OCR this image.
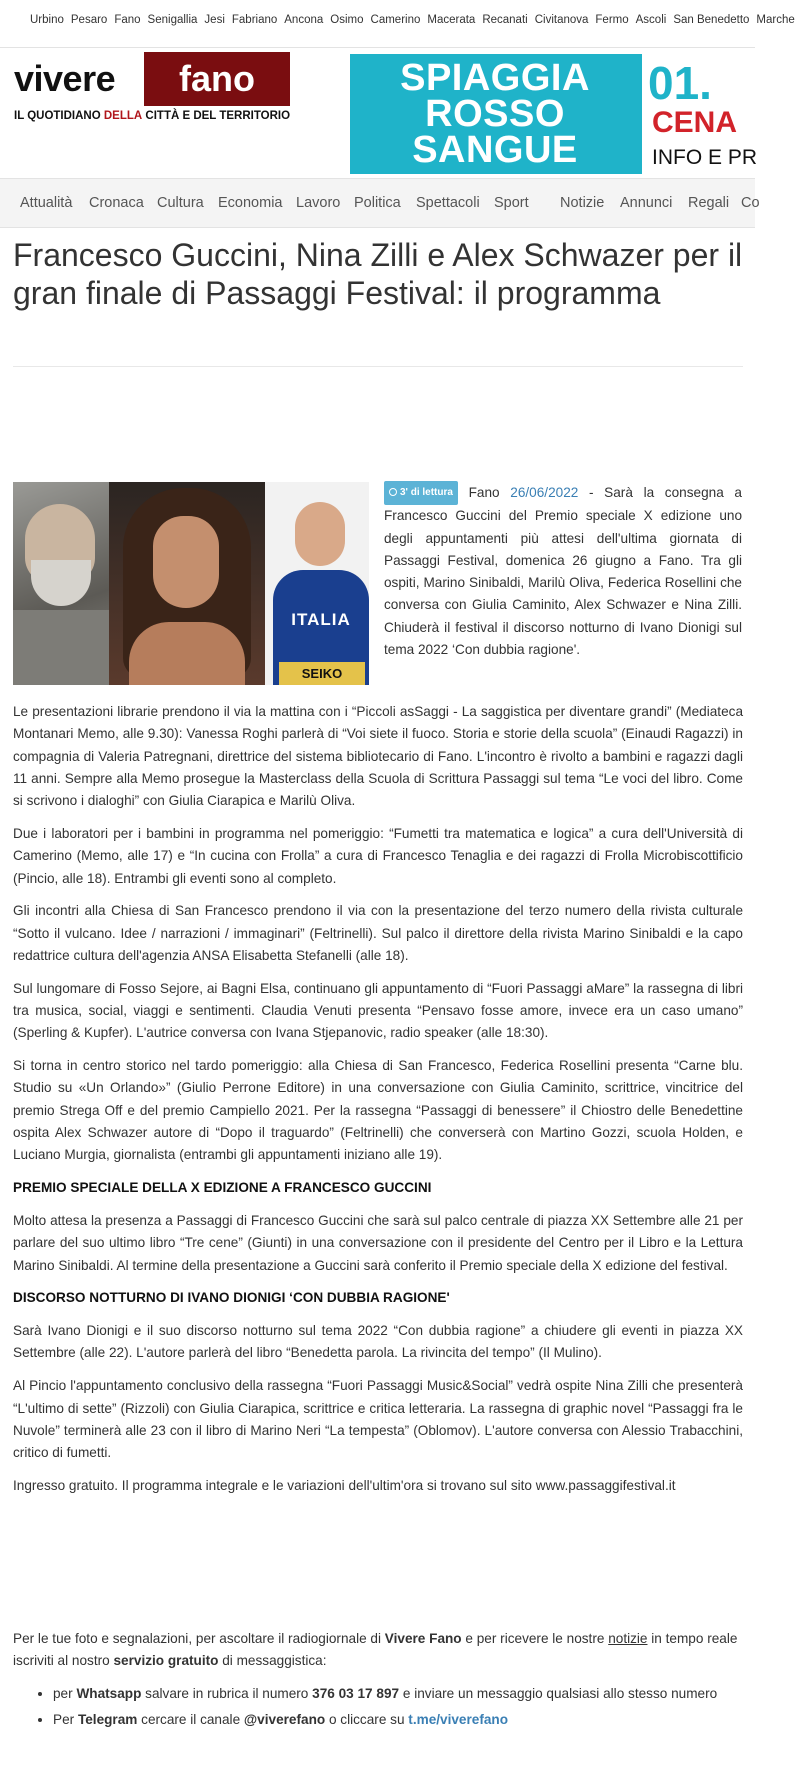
Urbino Pesaro Fano Senigallia Jesi Fabriano Ancona Osimo Camerino Macerata Recanati Civitanova Fermo Ascoli San Benedetto Marche
vivere	fano
IL QUOTIDIANO DELLA CITTÀ E DEL TERRITORIO
SPIAGGIA
ROSSO
SANGUE
01.
CENA
INFO E PR
Attualità Cronaca Cultura Economia Lavoro Politica Spettacoli Sport Notizie Annunci Regali Co
Francesco Guccini, Nina Zilli e Alex Schwazer per il gran finale di Passaggi Festival: il programma
ITALIA
SEIKO
3' di lettura Fano 26/06/2022 - Sarà la consegna a Francesco Guccini del Premio speciale X edizione uno degli appuntamenti più attesi dell'ultima giornata di Passaggi Festival, domenica 26 giugno a Fano. Tra gli ospiti, Marino Sinibaldi, Marilù Oliva, Federica Rosellini che conversa con Giulia Caminito, Alex Schwazer e Nina Zilli. Chiuderà il festival il discorso notturno di Ivano Dionigi sul tema 2022 ‘Con dubbia ragione'.

Le presentazioni librarie prendono il via la mattina con i “Piccoli asSaggi - La saggistica per diventare grandi” (Mediateca Montanari Memo, alle 9.30): Vanessa Roghi parlerà di “Voi siete il fuoco. Storia e storie della scuola” (Einaudi Ragazzi) in compagnia di Valeria Patregnani, direttrice del sistema bibliotecario di Fano. L'incontro è rivolto a bambini e ragazzi dagli 11 anni. Sempre alla Memo prosegue la Masterclass della Scuola di Scrittura Passaggi sul tema “Le voci del libro. Come si scrivono i dialoghi” con Giulia Ciarapica e Marilù Oliva.

Due i laboratori per i bambini in programma nel pomeriggio: “Fumetti tra matematica e logica” a cura dell'Università di Camerino (Memo, alle 17) e “In cucina con Frolla” a cura di Francesco Tenaglia e dei ragazzi di Frolla Microbiscottificio (Pincio, alle 18). Entrambi gli eventi sono al completo.

Gli incontri alla Chiesa di San Francesco prendono il via con la presentazione del terzo numero della rivista culturale “Sotto il vulcano. Idee / narrazioni / immaginari” (Feltrinelli). Sul palco il direttore della rivista Marino Sinibaldi e la capo redattrice cultura dell'agenzia ANSA Elisabetta Stefanelli (alle 18).

Sul lungomare di Fosso Sejore, ai Bagni Elsa, continuano gli appuntamento di “Fuori Passaggi aMare” la rassegna di libri tra musica, social, viaggi e sentimenti. Claudia Venuti presenta “Pensavo fosse amore, invece era un caso umano” (Sperling & Kupfer). L'autrice conversa con Ivana Stjepanovic, radio speaker (alle 18:30).

Si torna in centro storico nel tardo pomeriggio: alla Chiesa di San Francesco, Federica Rosellini presenta “Carne blu. Studio su «Un Orlando»” (Giulio Perrone Editore) in una conversazione con Giulia Caminito, scrittrice, vincitrice del premio Strega Off e del premio Campiello 2021. Per la rassegna “Passaggi di benessere” il Chiostro delle Benedettine ospita Alex Schwazer autore di “Dopo il traguardo” (Feltrinelli) che converserà con Martino Gozzi, scuola Holden, e Luciano Murgia, giornalista (entrambi gli appuntamenti iniziano alle 19).

PREMIO SPECIALE DELLA X EDIZIONE A FRANCESCO GUCCINI

Molto attesa la presenza a Passaggi di Francesco Guccini che sarà sul palco centrale di piazza XX Settembre alle 21 per parlare del suo ultimo libro “Tre cene” (Giunti) in una conversazione con il presidente del Centro per il Libro e la Lettura Marino Sinibaldi. Al termine della presentazione a Guccini sarà conferito il Premio speciale della X edizione del festival.

DISCORSO NOTTURNO DI IVANO DIONIGI ‘CON DUBBIA RAGIONE'

Sarà Ivano Dionigi e il suo discorso notturno sul tema 2022 “Con dubbia ragione” a chiudere gli eventi in piazza XX Settembre (alle 22). L'autore parlerà del libro “Benedetta parola. La rivincita del tempo” (Il Mulino).

Al Pincio l'appuntamento conclusivo della rassegna “Fuori Passaggi Music&Social” vedrà ospite Nina Zilli che presenterà “L'ultimo di sette” (Rizzoli) con Giulia Ciarapica, scrittrice e critica letteraria. La rassegna di graphic novel “Passaggi fra le Nuvole” terminerà alle 23 con il libro di Marino Neri “La tempesta” (Oblomov). L'autore conversa con Alessio Trabacchini, critico di fumetti.

Ingresso gratuito. Il programma integrale e le variazioni dell'ultim'ora si trovano sul sito www.passaggifestival.it

Per le tue foto e segnalazioni, per ascoltare il radiogiornale di Vivere Fano e per ricevere le nostre notizie in tempo reale iscriviti al nostro servizio gratuito di messaggistica:
• per Whatsapp salvare in rubrica il numero 376 03 17 897 e inviare un messaggio qualsiasi allo stesso numero
• Per Telegram cercare il canale @viverefano o cliccare su t.me/viverefano
